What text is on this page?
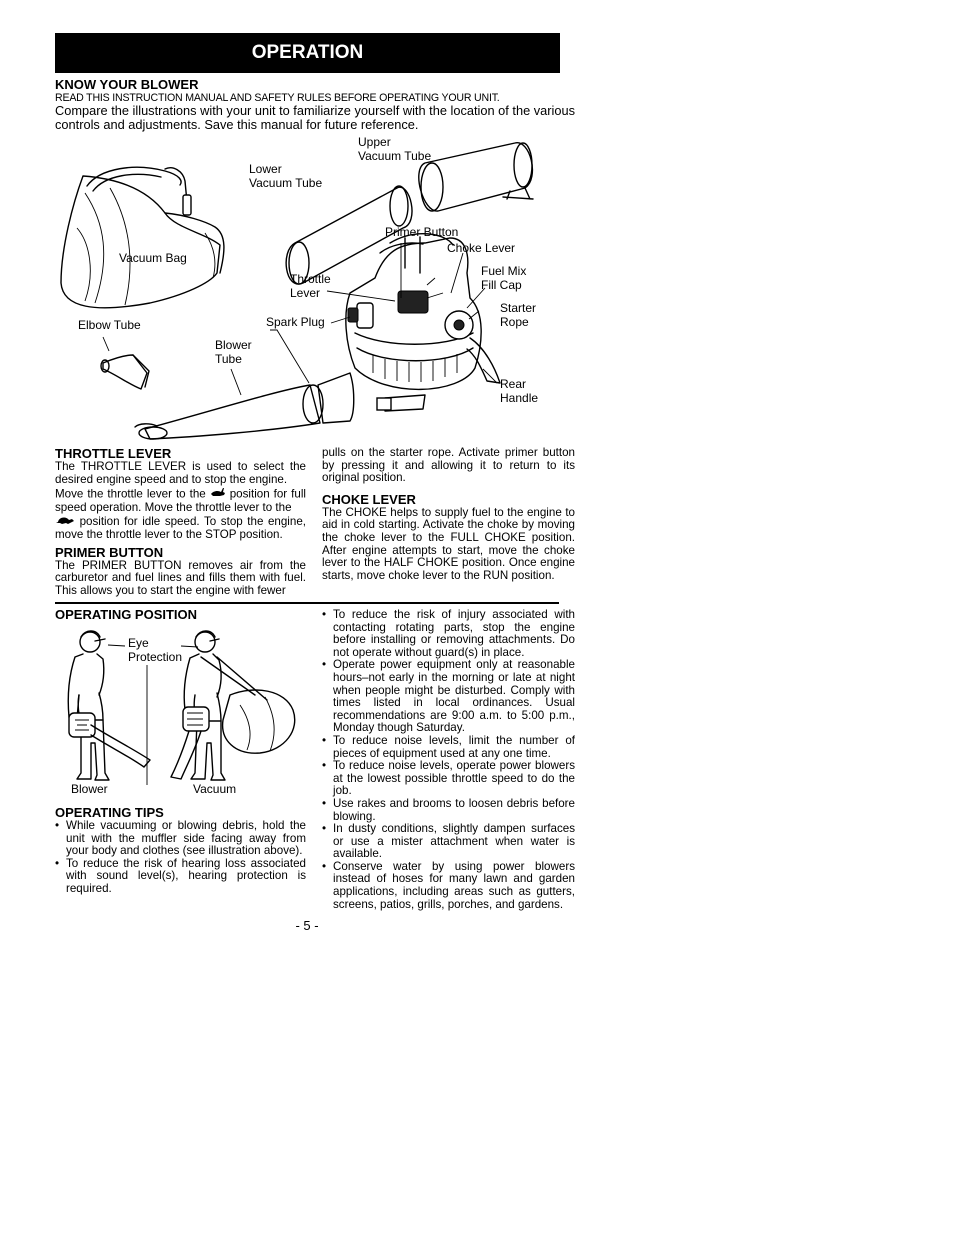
OPERATION

KNOW YOUR BLOWER

READ THIS INSTRUCTION MANUAL AND SAFETY RULES BEFORE OPERATING YOUR UNIT.

Compare the illustrations with your unit to familiarize yourself with the location of the various controls and adjustments. Save this manual for future reference.

Upper
Vacuum Tube
Lower
Vacuum Tube
Vacuum Bag
Primer Button
Choke Lever
Throttle
Lever
Fuel Mix
Fill Cap
Spark Plug
Starter
Rope
Elbow Tube
Blower
Tube
Rear
Handle

THROTTLE LEVER

The THROTTLE LEVER is used to select the desired engine speed and to stop the engine.

Move the throttle lever to the  position for full speed operation. Move the throttle lever to the

position for idle speed. To stop the engine, move the throttle lever to the STOP position.

PRIMER BUTTON

The PRIMER BUTTON removes air from the carburetor and fuel lines and fills them with fuel. This allows you to start the engine with fewer

pulls on the starter rope. Activate primer button by pressing it and allowing it to return to its original position.

CHOKE LEVER

The CHOKE helps to supply fuel to the engine to aid in cold starting. Activate the choke by moving the choke lever to the FULL CHOKE position. After engine attempts to start, move the choke lever to the HALF CHOKE position. Once engine starts, move choke lever to the RUN position.

OPERATING POSITION

Eye
Protection
Blower	Vacuum

OPERATING TIPS

• While vacuuming or blowing debris, hold the unit with the muffler side facing away from your body and clothes (see illustration above).
• To reduce the risk of hearing loss associated with sound level(s), hearing protection is required.
• To reduce the risk of injury associated with contacting rotating parts, stop the engine before installing or removing attachments. Do not operate without guard(s) in place.
• Operate power equipment only at reasonable hours–not early in the morning or late at night when people might be disturbed. Comply with times listed in local ordinances. Usual recommendations are 9:00 a.m. to 5:00 p.m., Monday though Saturday.
• To reduce noise levels, limit the number of pieces of equipment used at any one time.
• To reduce noise levels, operate power blowers at the lowest possible throttle speed to do the job.
• Use rakes and brooms to loosen debris before blowing.
• In dusty conditions, slightly dampen surfaces or use a mister attachment when water is available.
• Conserve water by using power blowers instead of hoses for many lawn and garden applications, including areas such as gutters, screens, patios, grills, porches, and gardens.
- 5 -
